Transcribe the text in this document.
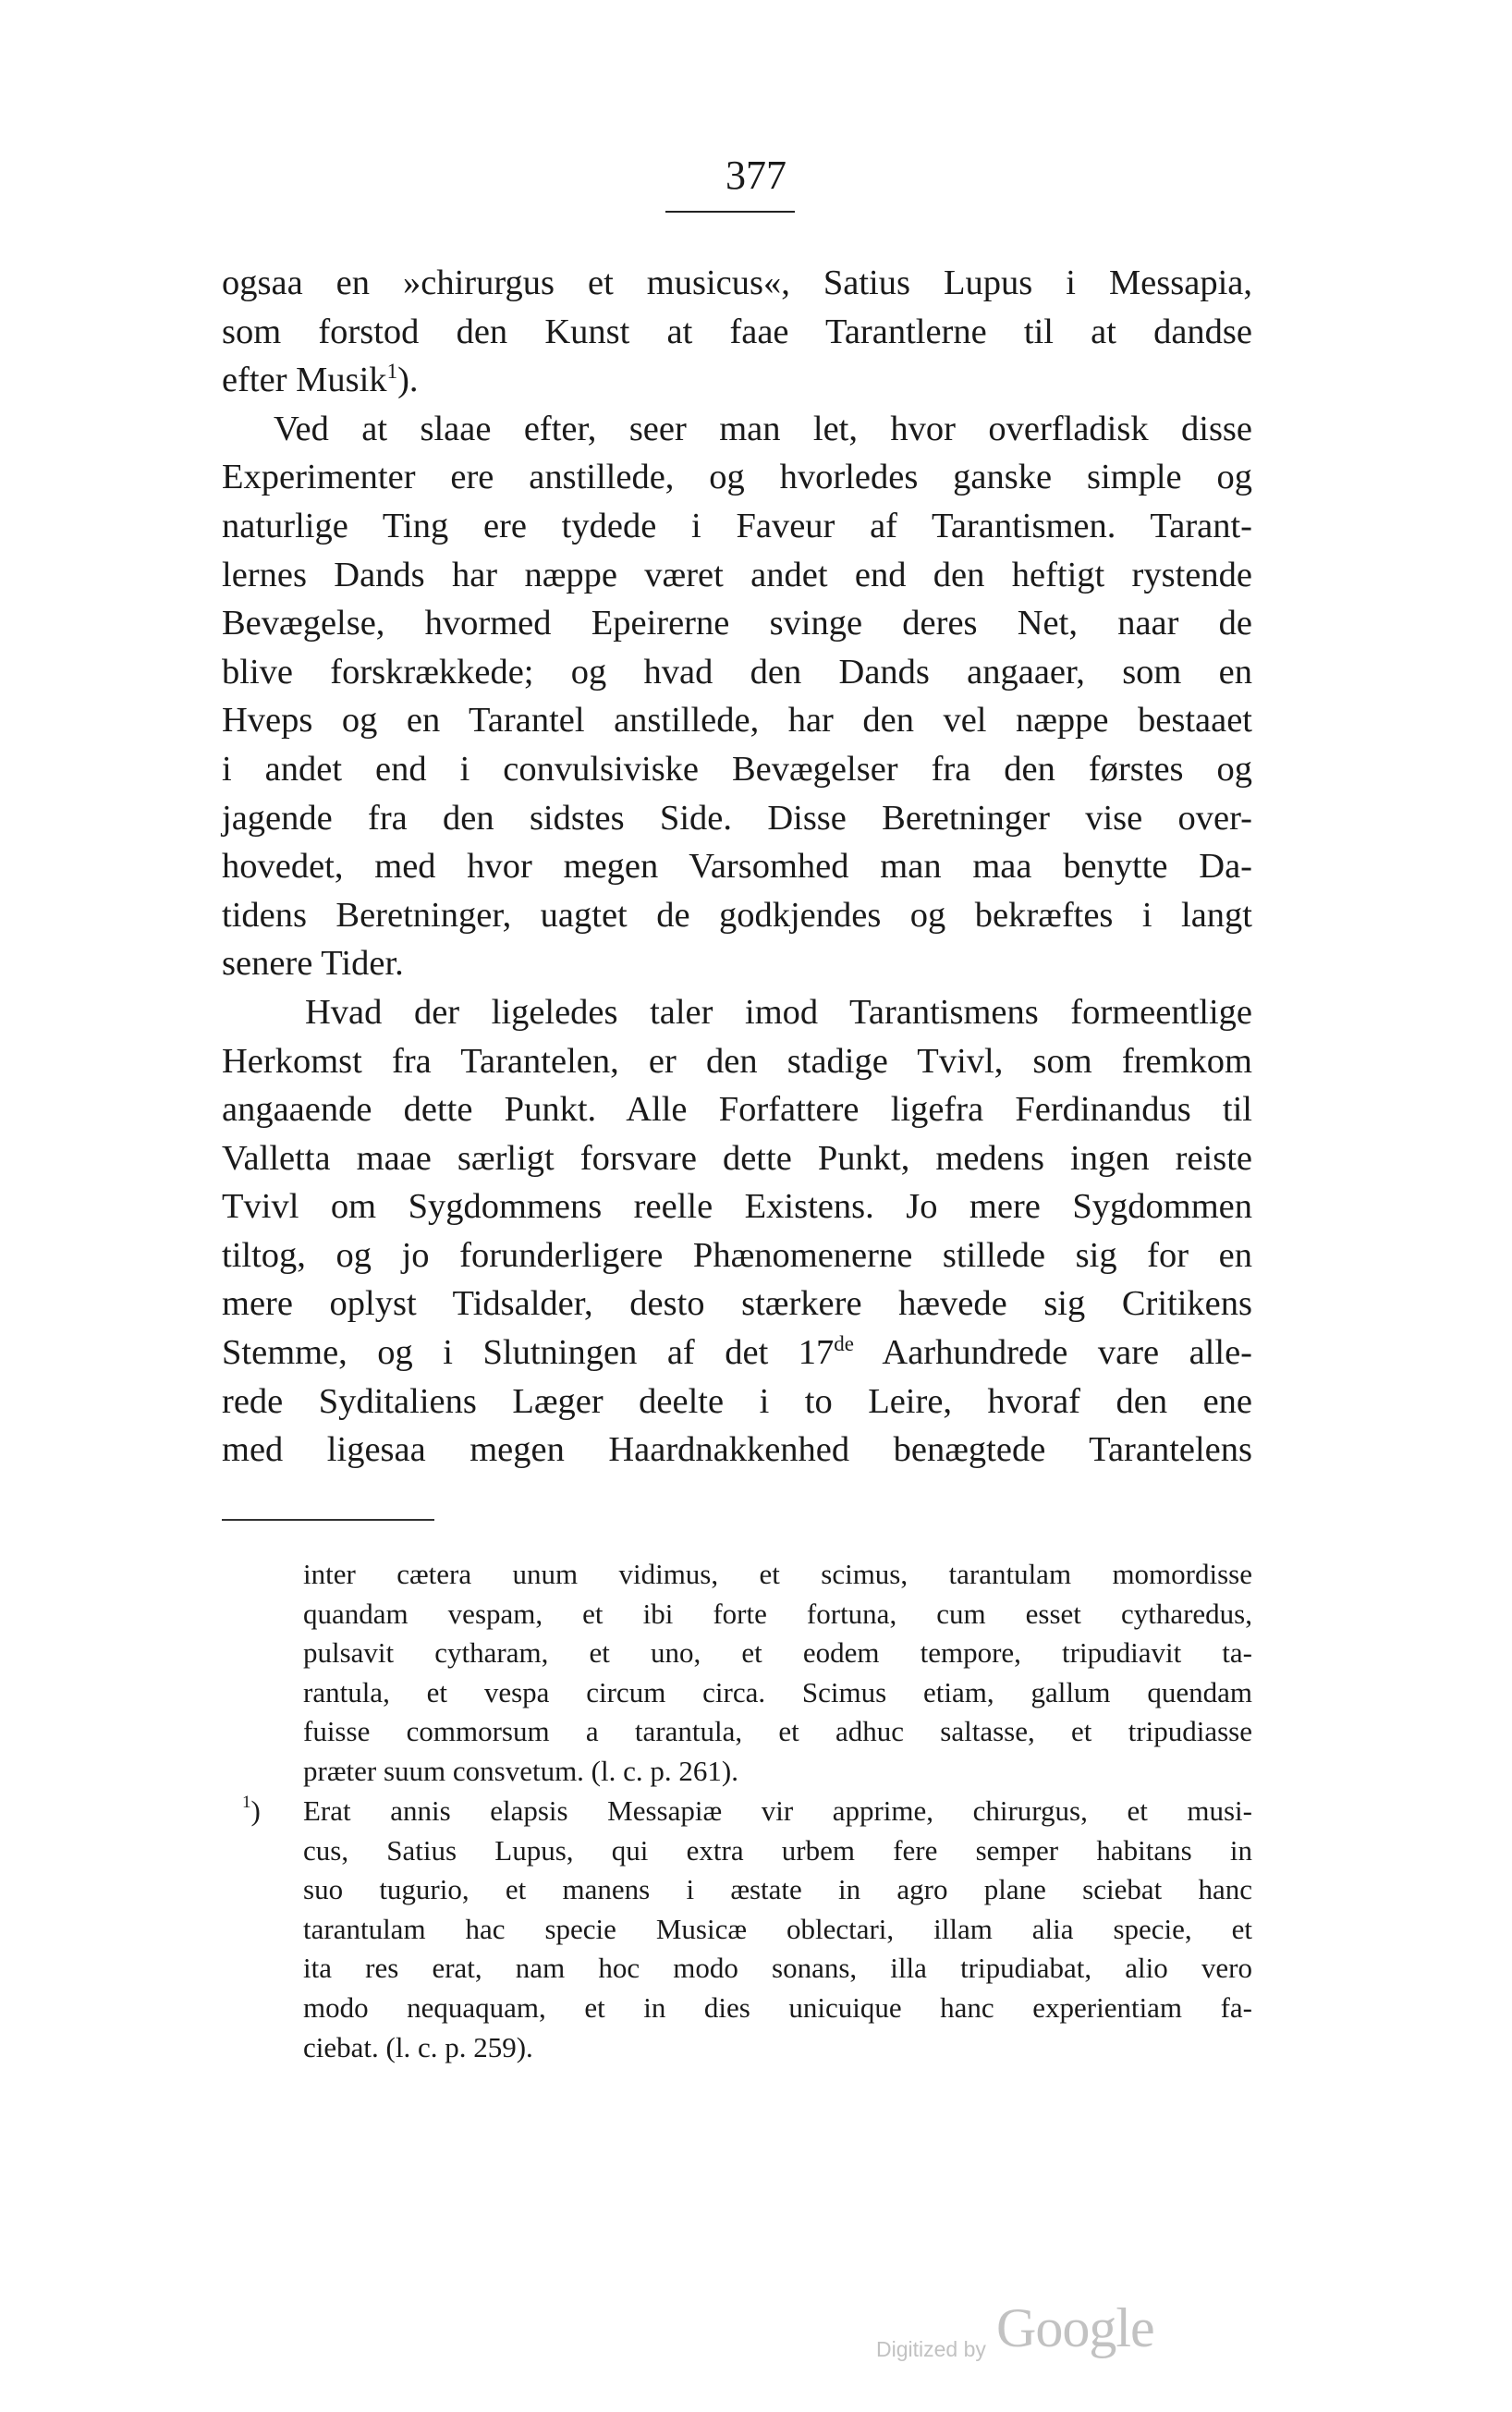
377
ogsaa en »chirurgus et musicus«, Satius Lupus i Messapia,
som forstod den Kunst at faae Tarantlerne til at dandse
efter Musik$^1$).
Ved at slaae efter, seer man let, hvor overfladisk disse
Experimenter ere anstillede, og hvorledes ganske simple og
naturlige Ting ere tydede i Faveur af Tarantismen. Tarant-
lernes Dands har næppe været andet end den heftigt rystende
Bevægelse, hvormed Epeirerne svinge deres Net, naar de
blive forskrækkede; og hvad den Dands angaaer, som en
Hveps og en Tarantel anstillede, har den vel næppe bestaaet
i andet end i convulsiviske Bevægelser fra den førstes og
jagende fra den sidstes Side. Disse Beretninger vise over-
hovedet, med hvor megen Varsomhed man maa benytte Da-
tidens Beretninger, uagtet de godkjendes og bekræftes i langt
senere Tider.
Hvad der ligeledes taler imod Tarantismens formeentlige
Herkomst fra Tarantelen, er den stadige Tvivl, som fremkom
angaaende dette Punkt. Alle Forfattere ligefra Ferdinandus til
Valletta maae særligt forsvare dette Punkt, medens ingen reiste
Tvivl om Sygdommens reelle Existens. Jo mere Sygdommen
tiltog, og jo forunderligere Phænomenerne stillede sig for en
mere oplyst Tidsalder, desto stærkere hævede sig Critikens
Stemme, og i Slutningen af det 17de Aarhundrede vare alle-
rede Syditaliens Læger deelte i to Leire, hvoraf den ene
med ligesaa megen Haardnakkenhed benægtede Tarantelens
inter cætera unum vidimus, et scimus, tarantulam momordisse
quandam vespam, et ibi forte fortuna, cum esset cytharedus,
pulsavit cytharam, et uno, et eodem tempore, tripudiavit ta-
rantula, et vespa circum circa. Scimus etiam, gallum quendam
fuisse commorsum a tarantula, et adhuc saltasse, et tripudiasse
præter suum consvetum. (l. c. p. 261).
$^1$) Erat annis elapsis Messapiæ vir apprime, chirurgus, et musi-
cus, Satius Lupus, qui extra urbem fere semper habitans in
suo tugurio, et manens i æstate in agro plane sciebat hanc
tarantulam hac specie Musicæ oblectari, illam alia specie, et
ita res erat, nam hoc modo sonans, illa tripudiabat, alio vero
modo nequaquam, et in dies unicuique hanc experientiam fa-
ciebat. (l. c. p. 259).
Digitized by Google
